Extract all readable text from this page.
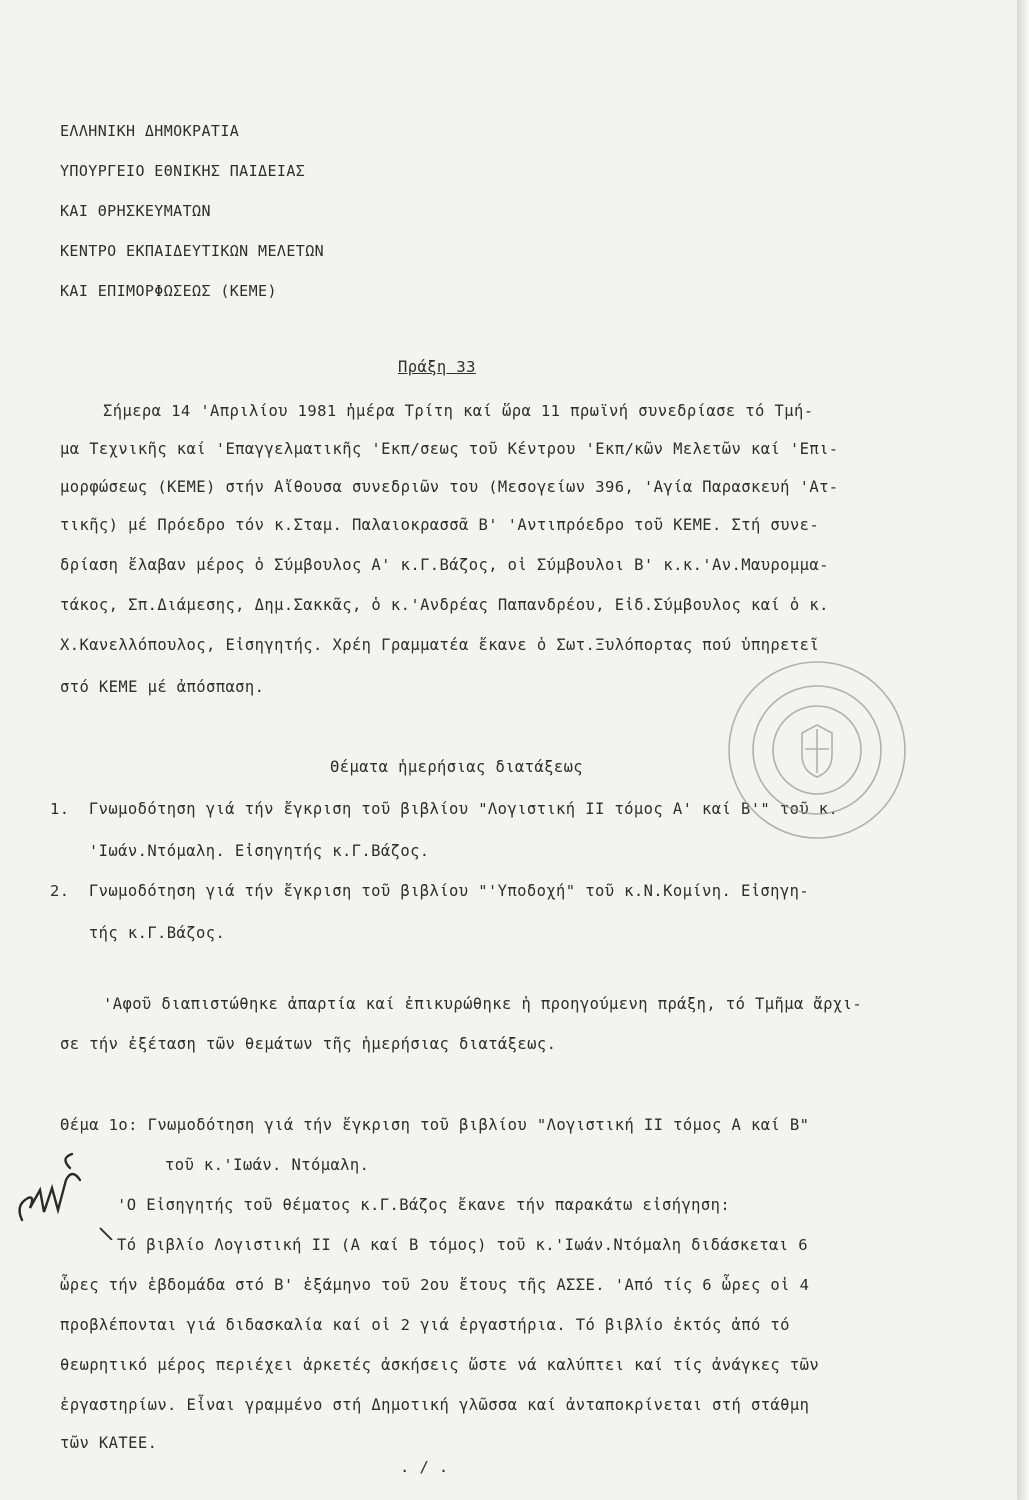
ΕΛΛΗΝΙΚΗ ΔΗΜΟΚΡΑΤΙΑ
ΥΠΟΥΡΓΕΙΟ ΕΘΝΙΚΗΣ ΠΑΙΔΕΙΑΣ
ΚΑΙ ΘΡΗΣΚΕΥΜΑΤΩΝ
ΚΕΝΤΡΟ ΕΚΠΑΙΔΕΥΤΙΚΩΝ ΜΕΛΕΤΩΝ
ΚΑΙ ΕΠΙΜΟΡΦΩΣΕΩΣ (ΚΕΜΕ)
Πράξη 33
Σήμερα 14 'Απριλίου 1981 ἡμέρα Τρίτη καί ὥρα 11 πρωϊνή συνεδρίασε τό Τμή-
μα Τεχνικῆς καί 'Επαγγελματικῆς 'Εκπ/σεως τοῦ Κέντρου 'Εκπ/κῶν Μελετῶν καί 'Επι-
μορφώσεως (ΚΕΜΕ) στήν Αἴθουσα συνεδριῶν του (Μεσογείων 396, 'Αγία Παρασκευή 'Ατ-
τικῆς) μέ Πρόεδρο τόν κ.Σταμ. Παλαιοκρασσᾶ Β' 'Αντιπρόεδρο τοῦ ΚΕΜΕ. Στή συνε-
δρίαση ἔλαβαν μέρος ὁ Σύμβουλος Α' κ.Γ.Βάζος, οἱ Σύμβουλοι Β' κ.κ.'Αν.Μαυρομμα-
τάκος, Σπ.Διάμεσης, Δημ.Σακκᾶς, ὁ κ.'Ανδρέας Παπανδρέου, Εἰδ.Σύμβουλος καί ὁ κ.
Χ.Κανελλόπουλος, Εἰσηγητής. Χρέη Γραμματέα ἔκανε ὁ Σωτ.Ξυλόπορτας πού ὑπηρετεῖ
στό ΚΕΜΕ μέ ἀπόσπαση.
Θέματα ἡμερήσιας διατάξεως
1.  Γνωμοδότηση γιά τήν ἔγκριση τοῦ βιβλίου "Λογιστική ΙΙ τόμος Α' καί Β'" τοῦ κ.
'Ιωάν.Ντόμαλη. Εἰσηγητής κ.Γ.Βάζος.
2.  Γνωμοδότηση γιά τήν ἔγκριση τοῦ βιβλίου "'Υποδοχή" τοῦ κ.Ν.Κομίνη. Εἰσηγη-
τής κ.Γ.Βάζος.
'Αφοῦ διαπιστώθηκε ἀπαρτία καί ἐπικυρώθηκε ἡ προηγούμενη πράξη, τό Τμῆμα ἄρχι-
σε τήν ἐξέταση τῶν θεμάτων τῆς ἡμερήσιας διατάξεως.
Θέμα 1ο: Γνωμοδότηση γιά τήν ἔγκριση τοῦ βιβλίου "Λογιστική ΙΙ τόμος Α καί Β"
τοῦ κ.'Ιωάν. Ντόμαλη.
'Ο Εἰσηγητής τοῦ θέματος κ.Γ.Βάζος ἔκανε τήν παρακάτω εἰσήγηση:
Τό βιβλίο Λογιστική ΙΙ (Α καί Β τόμος) τοῦ κ.'Ιωάν.Ντόμαλη διδάσκεται 6
ὧρες τήν ἑβδομάδα στό Β' ἑξάμηνο τοῦ 2ου ἔτους τῆς ΑΣΣΕ. 'Από τίς 6 ὧρες οἱ 4
προβλέπονται γιά διδασκαλία καί οἱ 2 γιά ἐργαστήρια. Τό βιβλίο ἐκτός ἀπό τό
θεωρητικό μέρος περιέχει ἀρκετές ἀσκήσεις ὥστε νά καλύπτει καί τίς ἀνάγκες τῶν
ἐργαστηρίων. Εἶναι γραμμένο στή Δημοτική γλῶσσα καί ἀνταποκρίνεται στή στάθμη
τῶν ΚΑΤΕΕ.
. / .
